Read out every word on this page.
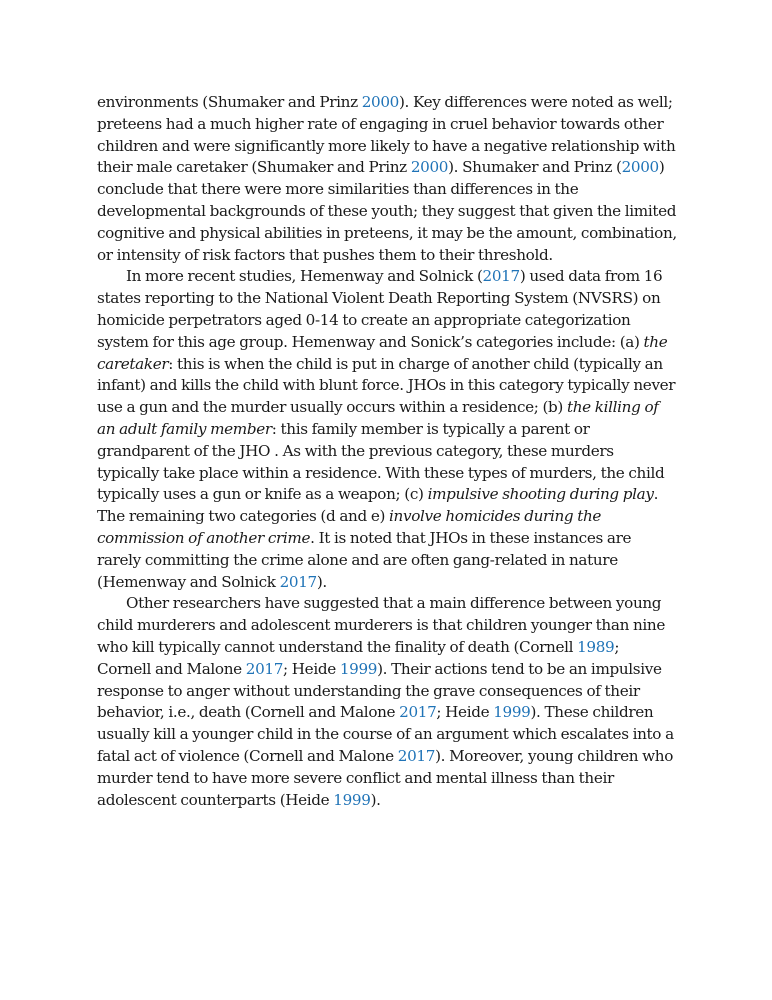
environments (Shumaker and Prinz 2000). Key differences were noted as well; preteens had a much higher rate of engaging in cruel behavior towards other children and were significantly more likely to have a negative relationship with their male caretaker (Shumaker and Prinz 2000). Shumaker and Prinz (2000) conclude that there were more similarities than differences in the developmental backgrounds of these youth; they suggest that given the limited cognitive and physical abilities in preteens, it may be the amount, combination, or intensity of risk factors that pushes them to their threshold.

In more recent studies, Hemenway and Solnick (2017) used data from 16 states reporting to the National Violent Death Reporting System (NVSRS) on homicide perpetrators aged 0-14 to create an appropriate categorization system for this age group. Hemenway and Sonick’s categories include: (a) the caretaker: this is when the child is put in charge of another child (typically an infant) and kills the child with blunt force. JHOs in this category typically never use a gun and the murder usually occurs within a residence; (b) the killing of an adult family member: this family member is typically a parent or grandparent of the JHO . As with the previous category, these murders typically take place within a residence. With these types of murders, the child typically uses a gun or knife as a weapon; (c) impulsive shooting during play. The remaining two categories (d and e) involve homicides during the commission of another crime. It is noted that JHOs in these instances are rarely committing the crime alone and are often gang-related in nature (Hemenway and Solnick 2017).

Other researchers have suggested that a main difference between young child murderers and adolescent murderers is that children younger than nine who kill typically cannot understand the finality of death (Cornell 1989; Cornell and Malone 2017; Heide 1999). Their actions tend to be an impulsive response to anger without understanding the grave consequences of their behavior, i.e., death (Cornell and Malone 2017; Heide 1999). These children usually kill a younger child in the course of an argument which escalates into a fatal act of violence (Cornell and Malone 2017). Moreover, young children who murder tend to have more severe conflict and mental illness than their adolescent counterparts (Heide 1999).
